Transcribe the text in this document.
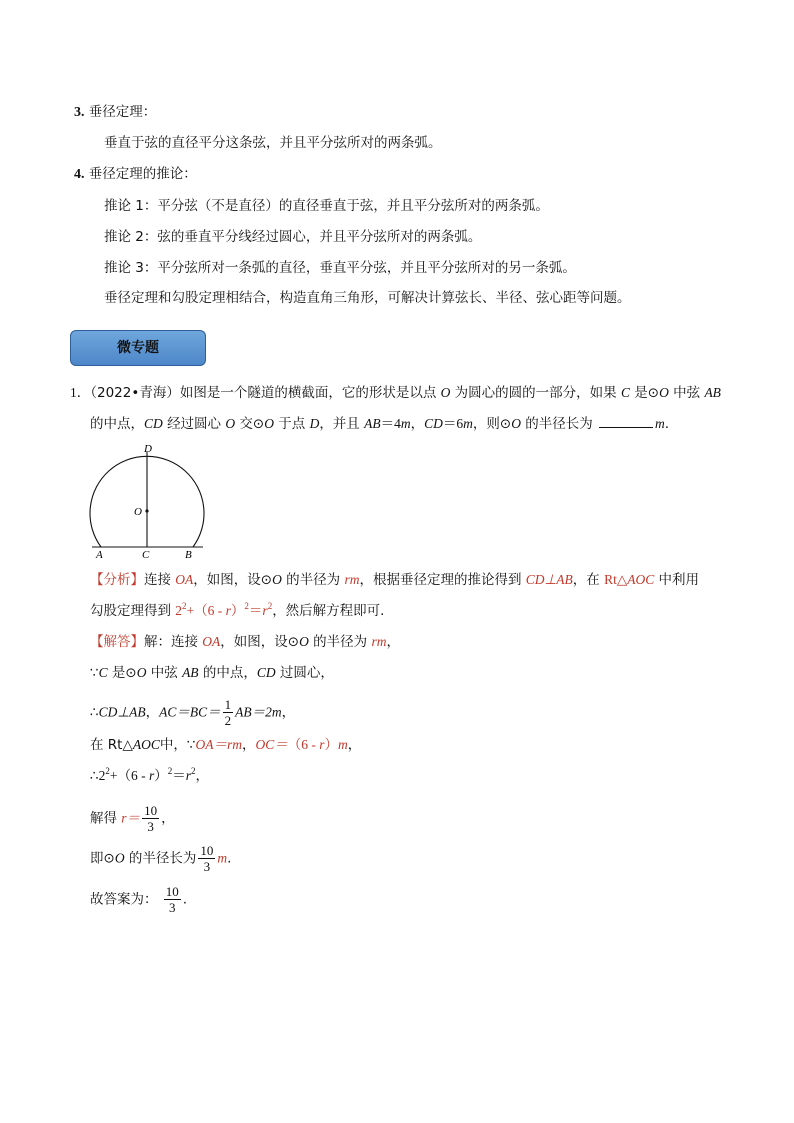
3. 垂径定理：
垂直于弦的直径平分这条弦，并且平分弦所对的两条弧。
4. 垂径定理的推论：
推论 1：平分弦（不是直径）的直径垂直于弦，并且平分弦所对的两条弧。
推论 2：弦的垂直平分线经过圆心，并且平分弦所对的两条弧。
推论 3：平分弦所对一条弧的直径，垂直平分弦，并且平分弦所对的另一条弧。
垂径定理和勾股定理相结合，构造直角三角形，可解决计算弦长、半径、弦心距等问题。
微专题
1．（2022•青海）如图是一个隧道的横截面，它的形状是以点 O 为圆心的圆的一部分，如果 C 是⊙O 中弦 AB
的中点，CD 经过圆心 O 交⊙O 于点 D，并且 AB＝4m，CD＝6m，则⊙O 的半径长为	m.
D
O
A	C	B
【分析】连接 OA，如图，设⊙O 的半径为 rm，根据垂径定理的推论得到 CD⊥AB，在 Rt△AOC 中利用
勾股定理得到 $2^2+(6 - r)^2=r^2$，然后解方程即可.
【解答】解：连接 OA，如图，设⊙O 的半径为 rm，
∵C 是⊙O 中弦 AB 的中点，CD 过圆心，
∴CD⊥AB，$AC=BC= \frac{1}{2} AB=2m$，
在 Rt△AOC中，∵OA＝rm，OC＝（6 - r）m，
$\therefore 2^2+(6 - r)^2=r^2$，
解得 $r= \frac{10}{3}$ ，
即⊙O 的半径长为 $\frac{10}{3} m$.
故答案为： $\frac{10}{3}$ .
